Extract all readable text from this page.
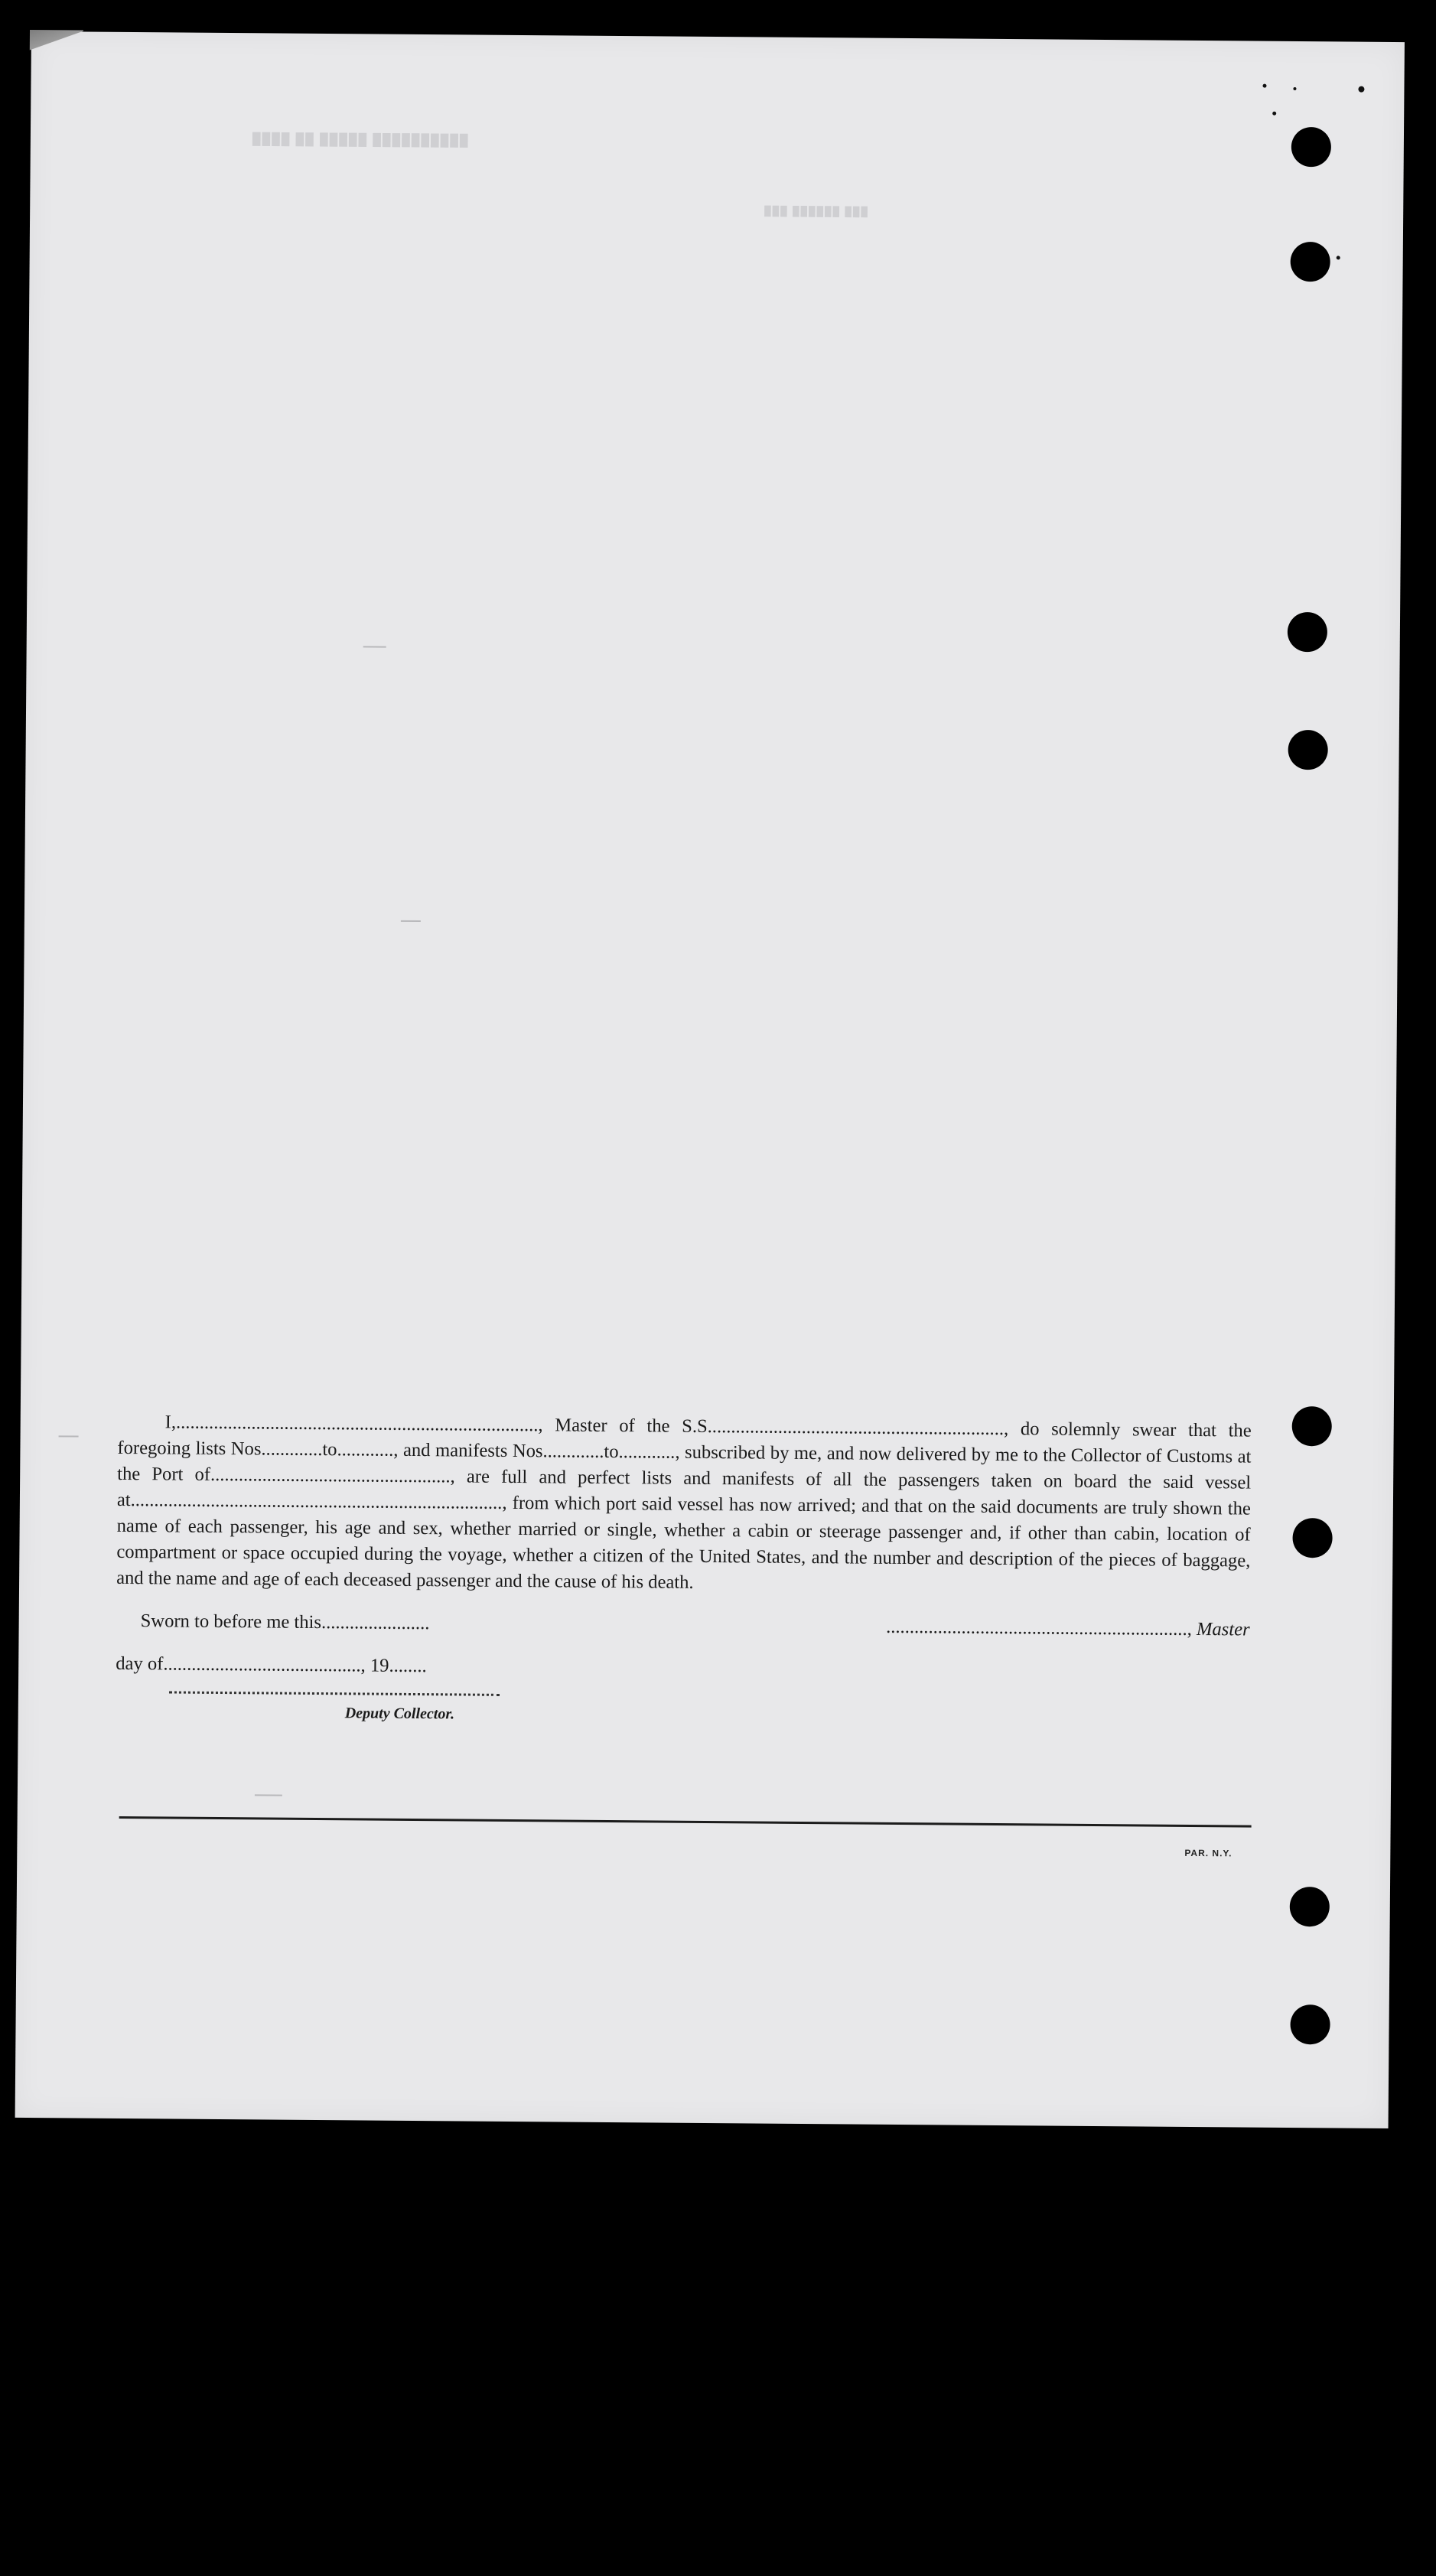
████ ██ █████ ██████████
███ ██████ ███

I,............................................................................., Master of the S.S..............................................................., do solemnly swear that the foregoing lists Nos.............to............, and manifests Nos.............to............, subscribed by me, and now delivered by me to the Collector of Customs at the Port of..................................................., are full and perfect lists and manifests of all the passengers taken on board the said vessel at..............................................................................., from which port said vessel has now arrived; and that on the said documents are truly shown the name of each passenger, his age and sex, whether married or single, whether a cabin or steerage passenger and, if other than cabin, location of compartment or space occupied during the voyage, whether a citizen of the United States, and the number and description of the pieces of baggage, and the name and age of each deceased passenger and the cause of his death.

Sworn to before me this.......................	................................................................, Master
day of.........................................., 19........
Deputy Collector.
PAR. N.Y.
